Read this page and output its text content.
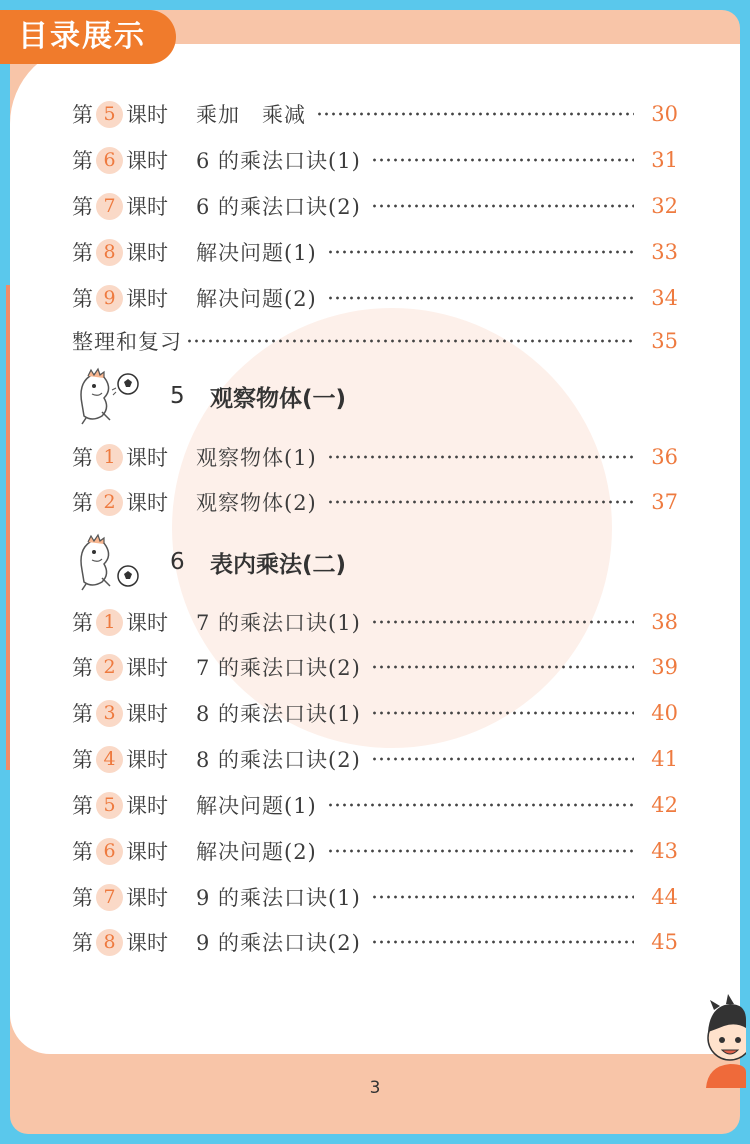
目录展示
第 5 课时 乘加　乘减	30
第 6 课时 6 的乘法口诀(1)	31
第 7 课时 6 的乘法口诀(2)	32
第 8 课时 解决问题(1)	33
第 9 课时 解决问题(2)	34
整理和复习	35
5 观察物体(一)
第 1 课时 观察物体(1)	36
第 2 课时 观察物体(2)	37
6 表内乘法(二)
第 1 课时 7 的乘法口诀(1)	38
第 2 课时 7 的乘法口诀(2)	39
第 3 课时 8 的乘法口诀(1)	40
第 4 课时 8 的乘法口诀(2)	41
第 5 课时 解决问题(1)	42
第 6 课时 解决问题(2)	43
第 7 课时 9 的乘法口诀(1)	44
第 8 课时 9 的乘法口诀(2)	45
3
